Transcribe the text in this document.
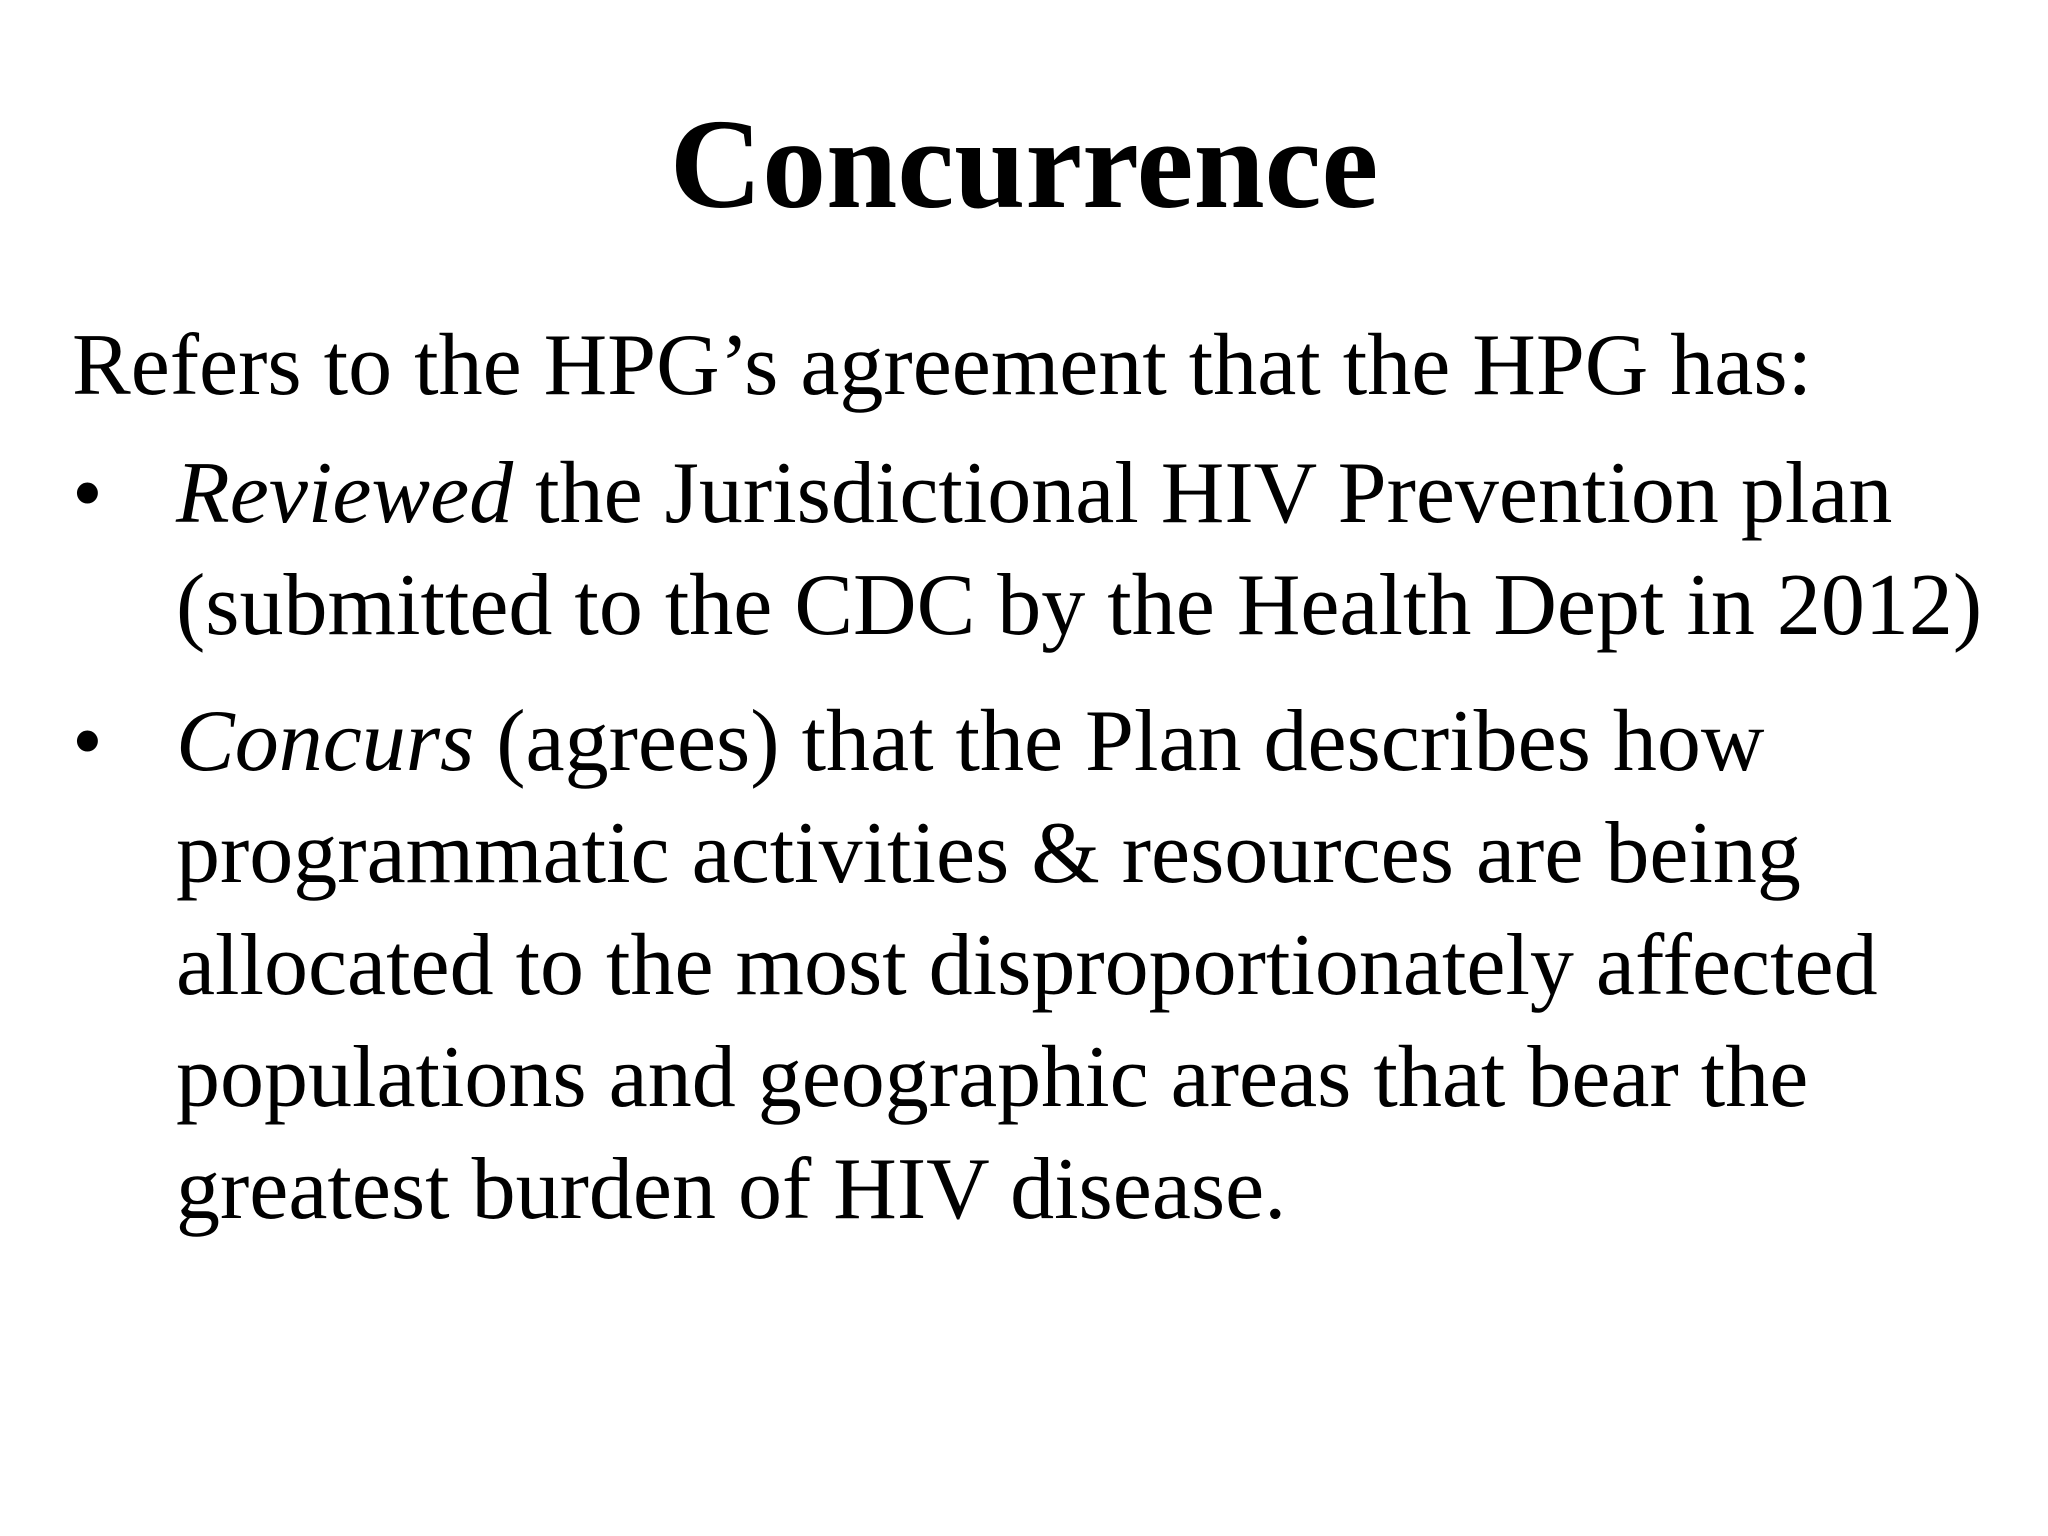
Concurrence

Refers to the HPG’s agreement that the HPG has:

• Reviewed the Jurisdictional HIV Prevention plan (submitted to the CDC by the Health Dept in 2012)
• Concurs (agrees) that the Plan describes how programmatic activities & resources are being allocated to the most disproportionately affected populations and geographic areas that bear the greatest burden of HIV disease.
